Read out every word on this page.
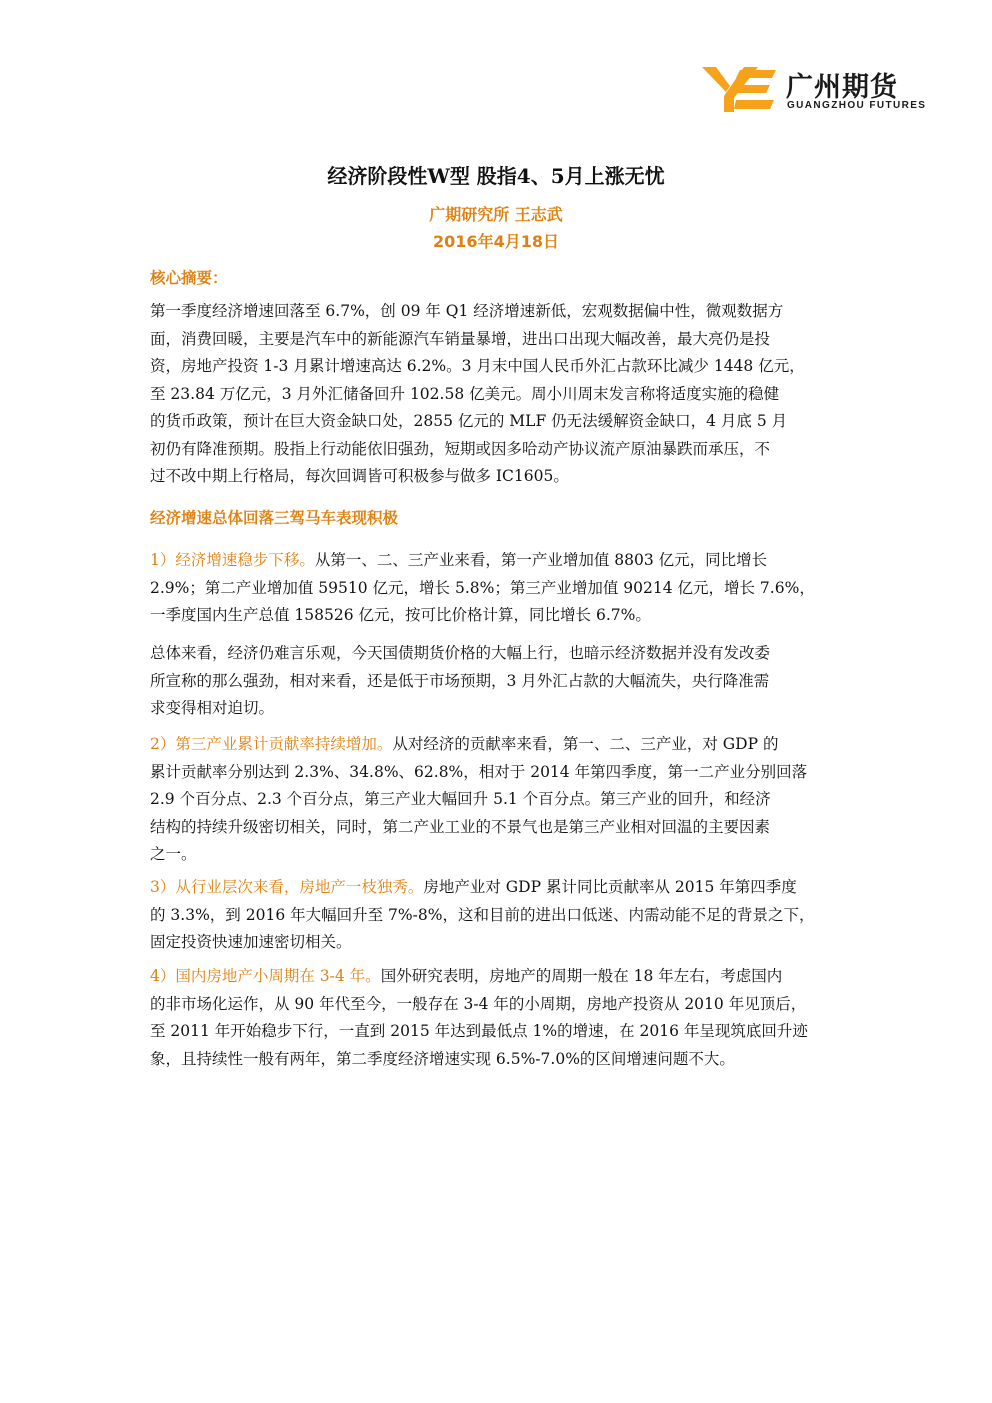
广州期货
GUANGZHOU FUTURES
经济阶段性W型 股指4、5月上涨无忧
广期研究所 王志武
2016年4月18日
核心摘要：
第一季度经济增速回落至 6.7%，创 09 年 Q1 经济增速新低，宏观数据偏中性，微观数据方
面，消费回暖，主要是汽车中的新能源汽车销量暴增，进出口出现大幅改善，最大亮仍是投
资，房地产投资 1-3 月累计增速高达 6.2%。3 月末中国人民币外汇占款环比减少 1448 亿元，
至 23.84 万亿元，3 月外汇储备回升 102.58 亿美元。周小川周末发言称将适度实施的稳健
的货币政策，预计在巨大资金缺口处，2855 亿元的 MLF 仍无法缓解资金缺口，4 月底 5 月
初仍有降准预期。股指上行动能依旧强劲，短期或因多哈动产协议流产原油暴跌而承压，不
过不改中期上行格局，每次回调皆可积极参与做多 IC1605。
经济增速总体回落三驾马车表现积极
1）经济增速稳步下移。从第一、二、三产业来看，第一产业增加值 8803 亿元，同比增长
2.9%；第二产业增加值 59510 亿元，增长 5.8%；第三产业增加值 90214 亿元，增长 7.6%，
一季度国内生产总值 158526 亿元，按可比价格计算，同比增长 6.7%。
总体来看，经济仍难言乐观，今天国债期货价格的大幅上行，也暗示经济数据并没有发改委
所宣称的那么强劲，相对来看，还是低于市场预期，3 月外汇占款的大幅流失，央行降准需
求变得相对迫切。
2）第三产业累计贡献率持续增加。从对经济的贡献率来看，第一、二、三产业，对 GDP 的
累计贡献率分别达到 2.3%、34.8%、62.8%，相对于 2014 年第四季度，第一二产业分别回落
2.9 个百分点、2.3 个百分点，第三产业大幅回升 5.1 个百分点。第三产业的回升，和经济
结构的持续升级密切相关，同时，第二产业工业的不景气也是第三产业相对回温的主要因素
之一。
3）从行业层次来看，房地产一枝独秀。房地产业对 GDP 累计同比贡献率从 2015 年第四季度
的 3.3%，到 2016 年大幅回升至 7%-8%，这和目前的进出口低迷、内需动能不足的背景之下，
固定投资快速加速密切相关。
4）国内房地产小周期在 3-4 年。国外研究表明，房地产的周期一般在 18 年左右，考虑国内
的非市场化运作，从 90 年代至今，一般存在 3-4 年的小周期，房地产投资从 2010 年见顶后，
至 2011 年开始稳步下行，一直到 2015 年达到最低点 1%的增速，在 2016 年呈现筑底回升迹
象，且持续性一般有两年，第二季度经济增速实现 6.5%-7.0%的区间增速问题不大。
